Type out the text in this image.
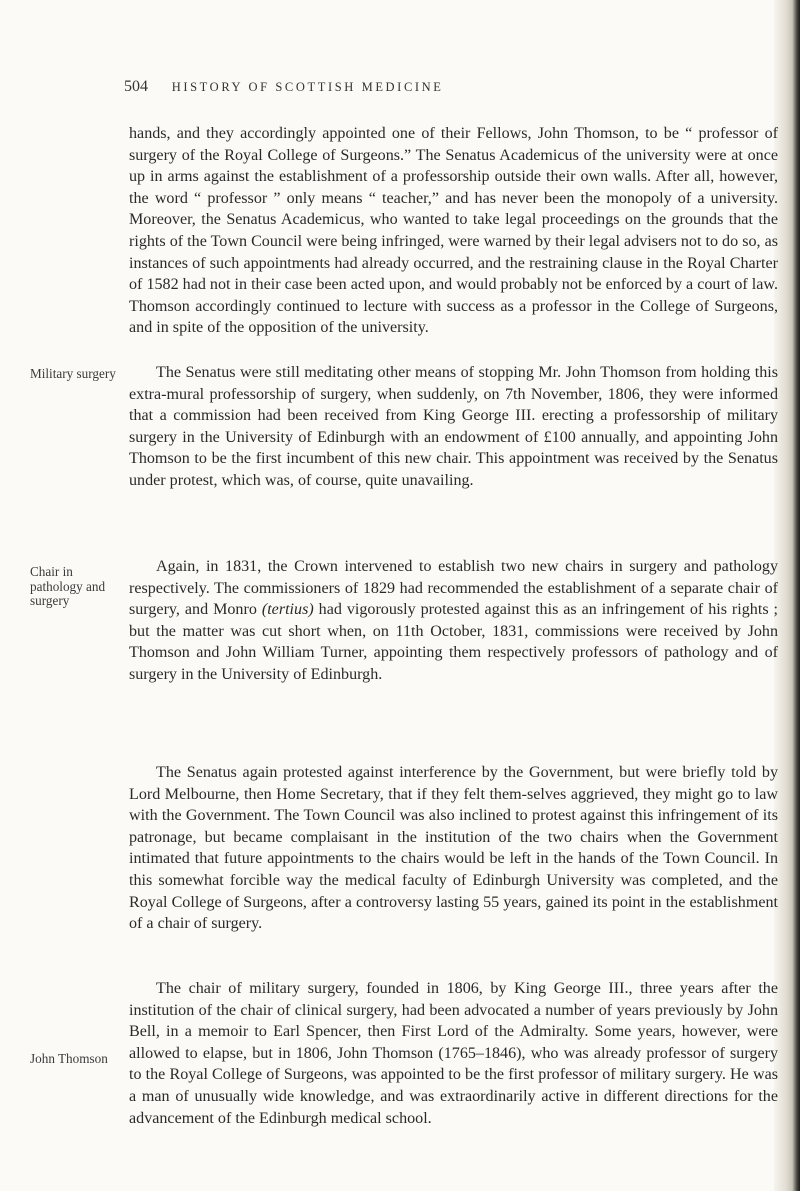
504 HISTORY OF SCOTTISH MEDICINE
Military surgery
Chair in pathology and surgery
John Thomson

hands, and they accordingly appointed one of their Fellows, John Thomson, to be “ professor of surgery of the Royal College of Surgeons.” The Senatus Academicus of the university were at once up in arms against the establishment of a professorship outside their own walls. After all, however, the word “ professor ” only means “ teacher,” and has never been the monopoly of a university. Moreover, the Senatus Academicus, who wanted to take legal proceedings on the grounds that the rights of the Town Council were being infringed, were warned by their legal advisers not to do so, as instances of such appointments had already occurred, and the restraining clause in the Royal Charter of 1582 had not in their case been acted upon, and would probably not be enforced by a court of law. Thomson accordingly continued to lecture with success as a professor in the College of Surgeons, and in spite of the opposition of the university.

The Senatus were still meditating other means of stopping Mr. John Thomson from holding this extra-mural professorship of surgery, when suddenly, on 7th November, 1806, they were informed that a commission had been received from King George III. erecting a professorship of military surgery in the University of Edinburgh with an endowment of £100 annually, and appointing John Thomson to be the first incumbent of this new chair. This appointment was received by the Senatus under protest, which was, of course, quite unavailing.

Again, in 1831, the Crown intervened to establish two new chairs in surgery and pathology respectively. The commissioners of 1829 had recommended the establishment of a separate chair of surgery, and Monro (tertius) had vigorously protested against this as an infringement of his rights ; but the matter was cut short when, on 11th October, 1831, commissions were received by John Thomson and John William Turner, appointing them respectively professors of pathology and of surgery in the University of Edinburgh.

The Senatus again protested against interference by the Government, but were briefly told by Lord Melbourne, then Home Secretary, that if they felt them-selves aggrieved, they might go to law with the Government. The Town Council was also inclined to protest against this infringement of its patronage, but became complaisant in the institution of the two chairs when the Government intimated that future appointments to the chairs would be left in the hands of the Town Council. In this somewhat forcible way the medical faculty of Edinburgh University was completed, and the Royal College of Surgeons, after a controversy lasting 55 years, gained its point in the establishment of a chair of surgery.

The chair of military surgery, founded in 1806, by King George III., three years after the institution of the chair of clinical surgery, had been advocated a number of years previously by John Bell, in a memoir to Earl Spencer, then First Lord of the Admiralty. Some years, however, were allowed to elapse, but in 1806, John Thomson (1765–1846), who was already professor of surgery to the Royal College of Surgeons, was appointed to be the first professor of military surgery. He was a man of unusually wide knowledge, and was extraordinarily active in different directions for the advancement of the Edinburgh medical school.
